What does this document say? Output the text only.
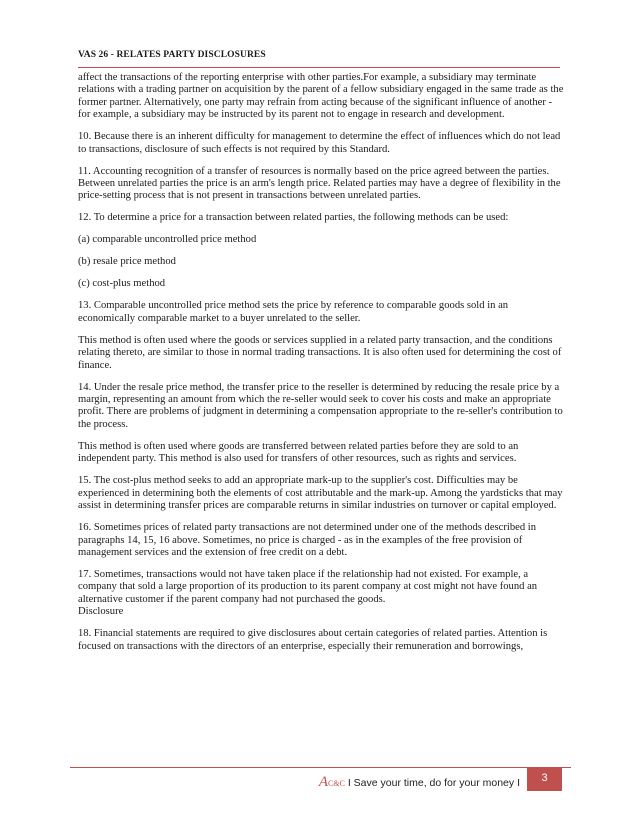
VAS 26 - RELATES PARTY DISCLOSURES

affect the transactions of the reporting enterprise with other parties.For example, a subsidiary may terminate relations with a trading partner on acquisition by the parent of a fellow subsidiary engaged in the same trade as the former partner. Alternatively, one party may refrain from acting because of the significant influence of another - for example, a subsidiary may be instructed by its parent not to engage in research and development.

10. Because there is an inherent difficulty for management to determine the effect of influences which do not lead to transactions, disclosure of such effects is not required by this Standard.

11. Accounting recognition of a transfer of resources is normally based on the price agreed between the parties. Between unrelated parties the price is an arm's length price. Related parties may have a degree of flexibility in the price-setting process that is not present in transactions between unrelated parties.

12. To determine a price for a transaction between related parties, the following methods can be used:

(a) comparable uncontrolled price method

(b) resale price method

(c) cost-plus method

13. Comparable uncontrolled price method sets the price by reference to comparable goods sold in an economically comparable market to a buyer unrelated to the seller.

This method is often used where the goods or services supplied in a related party transaction, and the conditions relating thereto, are similar to those in normal trading transactions. It is also often used for determining the cost of finance.

14. Under the resale price method, the transfer price to the reseller is determined by reducing the resale price by a margin, representing an amount from which the re-seller would seek to cover his costs and make an appropriate profit. There are problems of judgment in determining a compensation appropriate to the re-seller's contribution to the process.

This method is often used where goods are transferred between related parties before they are sold to an independent party. This method is also used for transfers of other resources, such as rights and services.

15. The cost-plus method seeks to add an appropriate mark-up to the supplier's cost. Difficulties may be experienced in determining both the elements of cost attributable and the mark-up. Among the yardsticks that may assist in determining transfer prices are comparable returns in similar industries on turnover or capital employed.

16. Sometimes prices of related party transactions are not determined under one of the methods described in paragraphs 14, 15, 16 above. Sometimes, no price is charged - as in the examples of the free provision of management services and the extension of free credit on a debt.

17. Sometimes, transactions would not have taken place if the relationship had not existed. For example, a company that sold a large proportion of its production to its parent company at cost might not have found an alternative customer if the parent company had not purchased the goods.

Disclosure

18. Financial statements are required to give disclosures about certain categories of related parties. Attention is focused on transactions with the directors of an enterprise, especially their remuneration and borrowings,

AC&C I Save your time, do for your money I	3
